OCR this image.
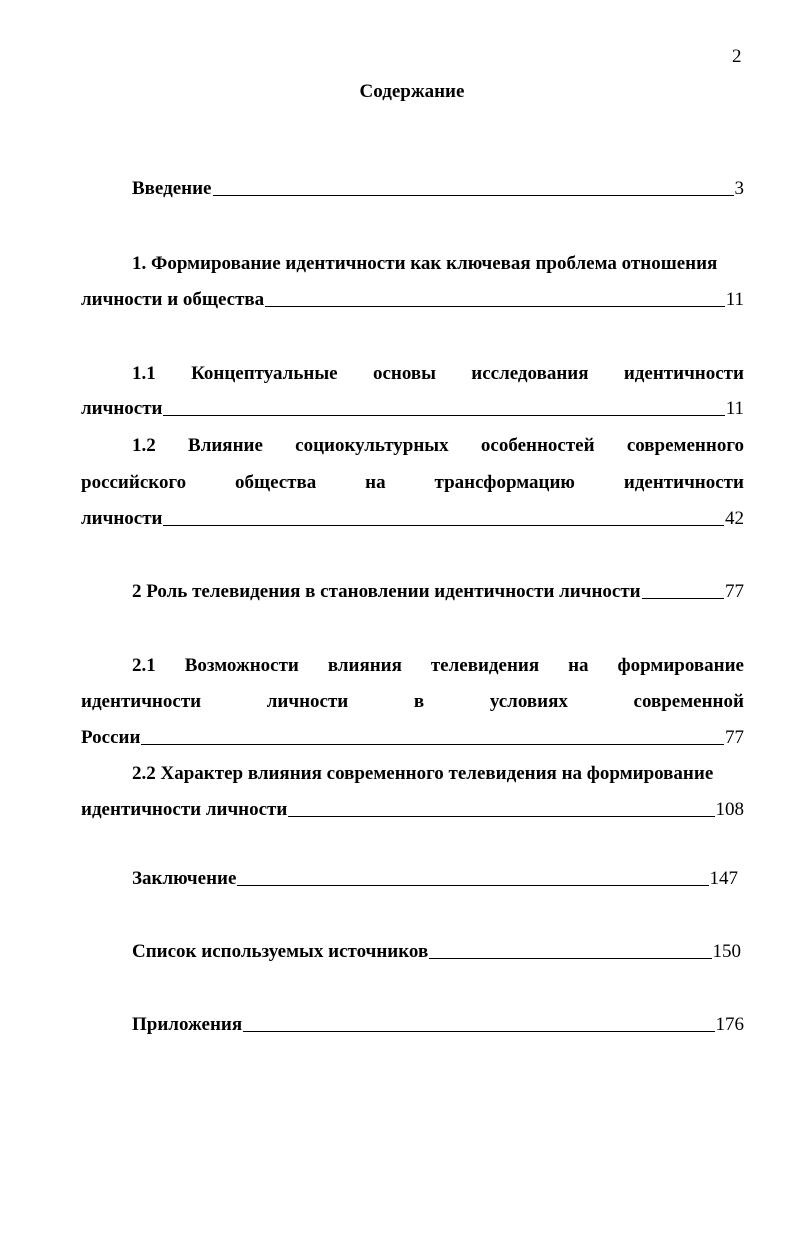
2
Содержание
Введение	3
1. Формирование идентичности как ключевая проблема отношения
личности и общества	11
1.1 Концептуальные основы исследования идентичности
личности	11
1.2 Влияние социокультурных особенностей современного
российского	общества	на	трансформацию	идентичности
личности	42
2 Роль телевидения в становлении идентичности личности	77
2.1 Возможности влияния телевидения на формирование
идентичности	личности	в	условиях	современной
России	77
2.2 Характер влияния современного телевидения на формирование
идентичности личности	108
Заключение	147
Список используемых источников	150
Приложения	176
